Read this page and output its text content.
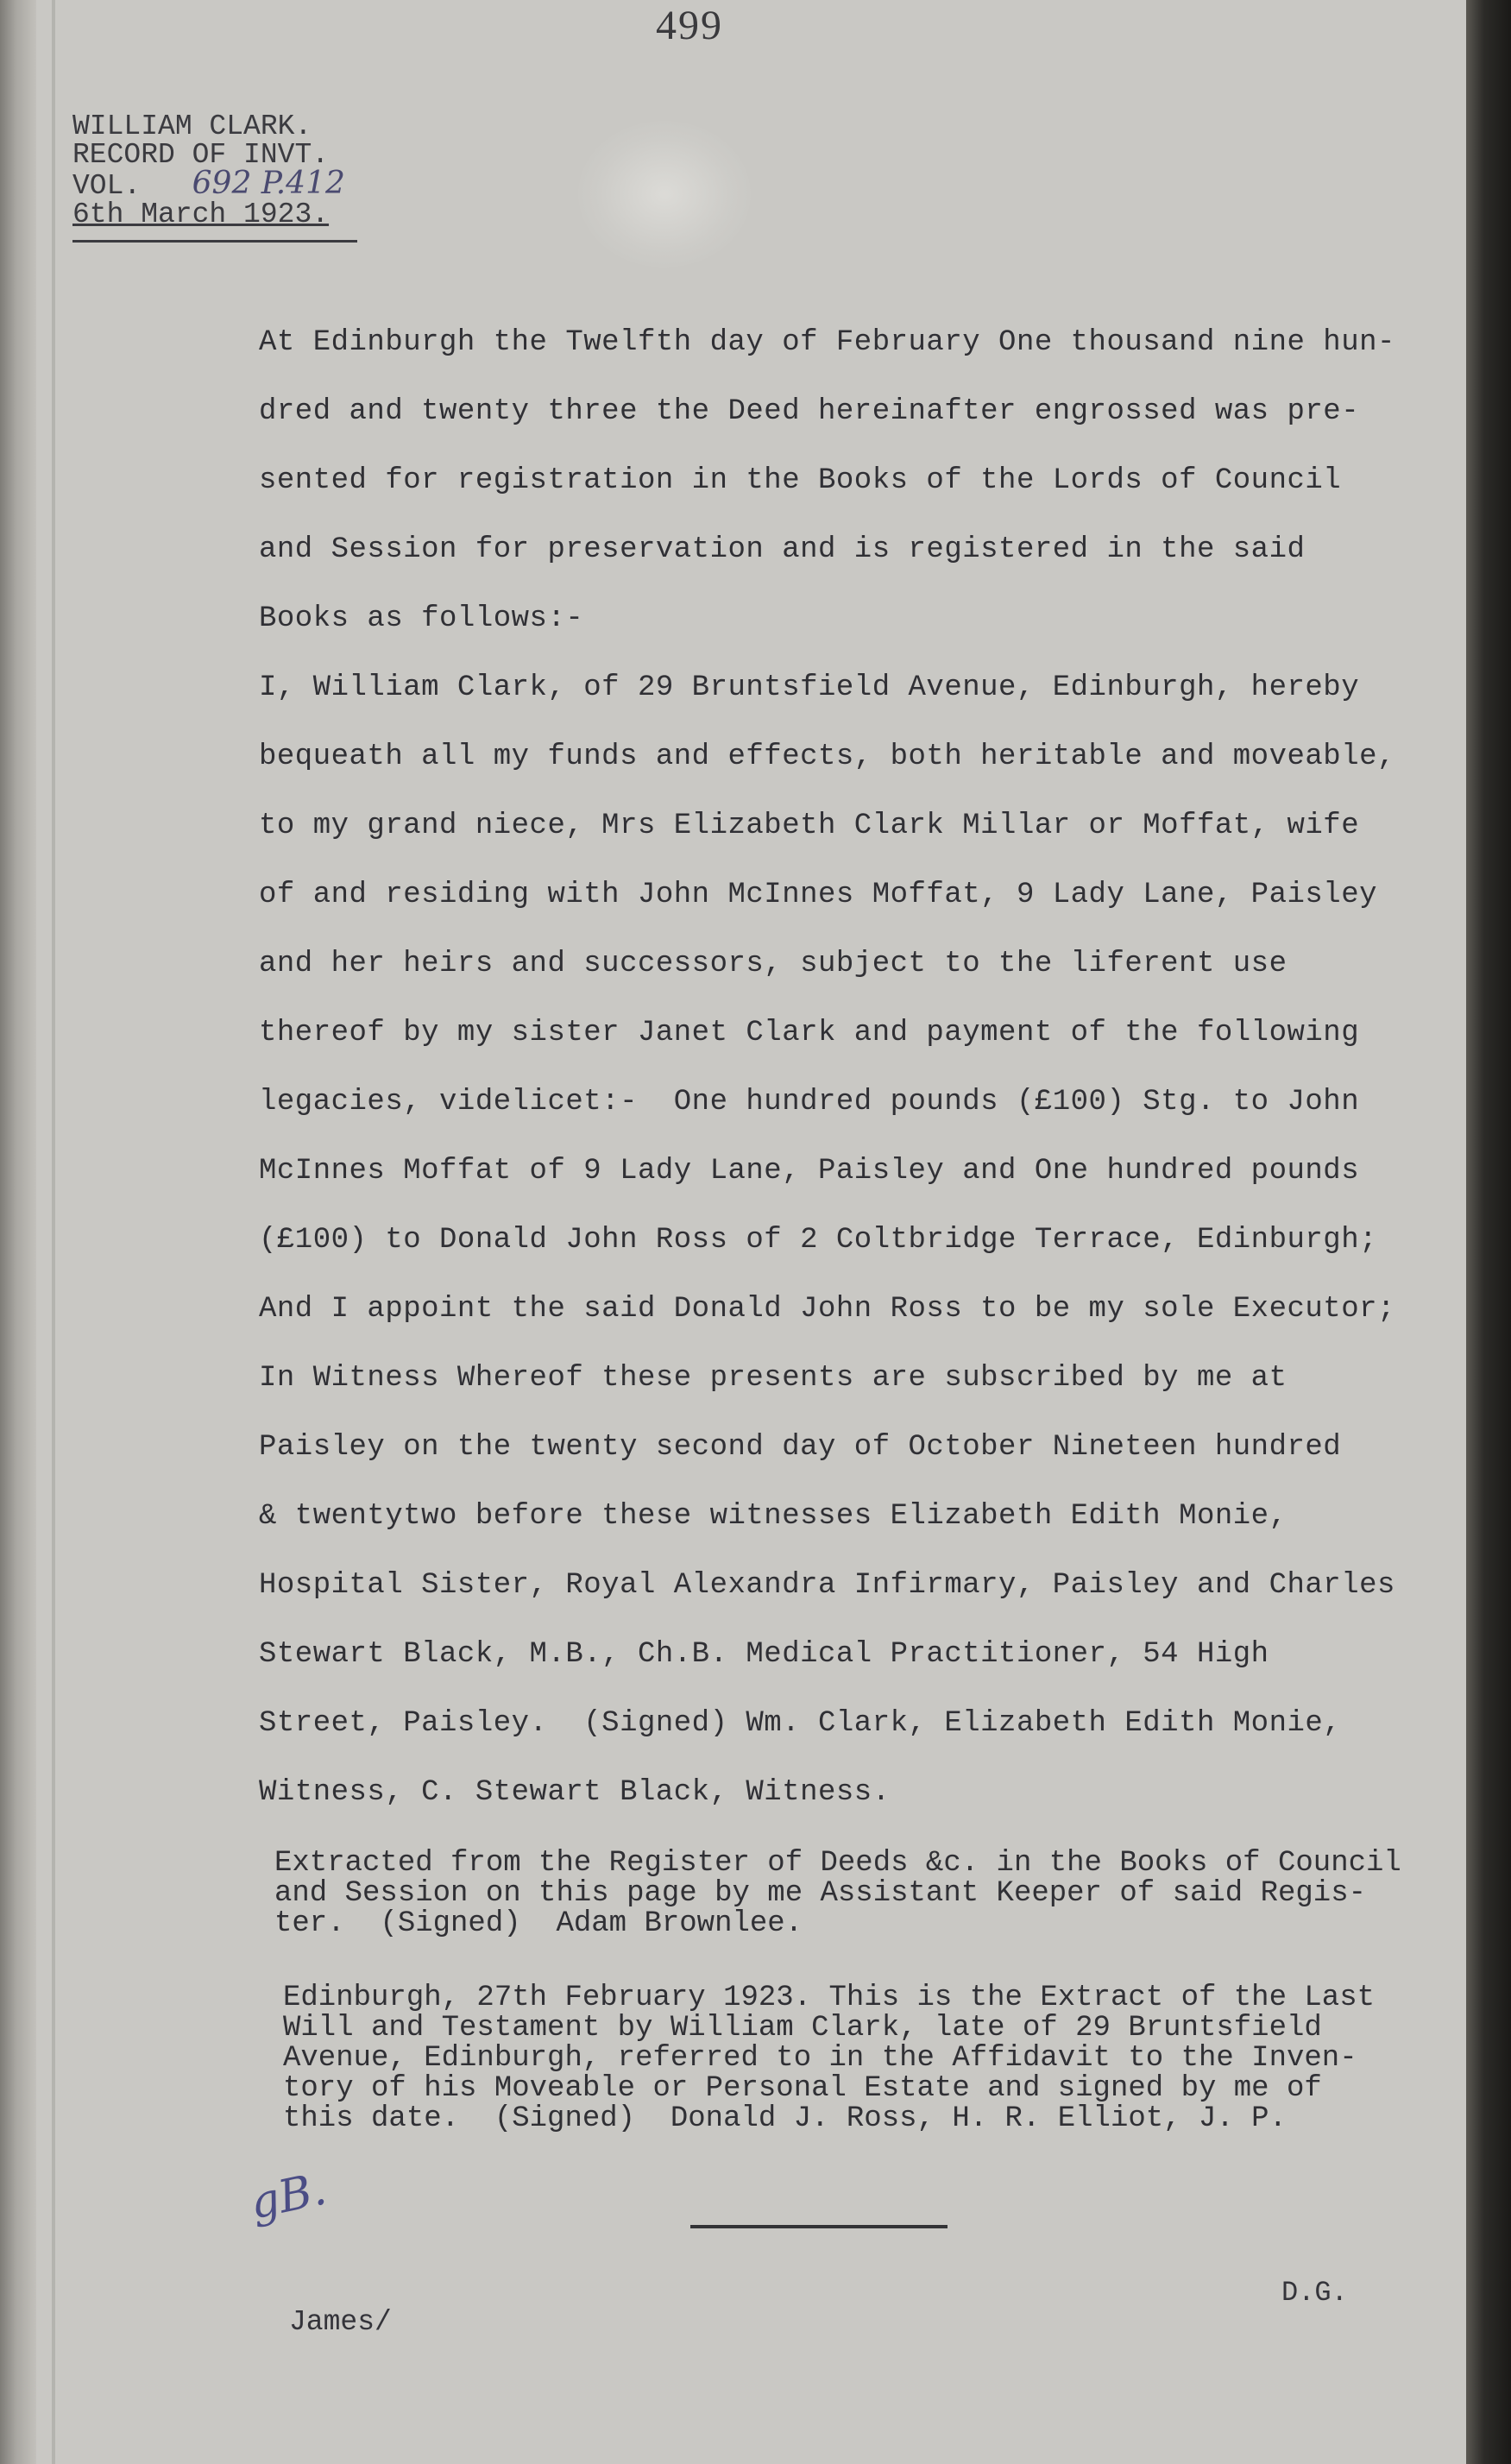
499
WILLIAM CLARK.
RECORD OF INVT.
VOL. 692 P.412
6th March 1923.
At Edinburgh the Twelfth day of February One thousand nine hun-
dred and twenty three the Deed hereinafter engrossed was pre-
sented for registration in the Books of the Lords of Council
and Session for preservation and is registered in the said
Books as follows:-
I, William Clark, of 29 Bruntsfield Avenue, Edinburgh, hereby
bequeath all my funds and effects, both heritable and moveable,
to my grand niece, Mrs Elizabeth Clark Millar or Moffat, wife
of and residing with John McInnes Moffat, 9 Lady Lane, Paisley
and her heirs and successors, subject to the liferent use
thereof by my sister Janet Clark and payment of the following
legacies, videlicet:-  One hundred pounds (£100) Stg. to John
McInnes Moffat of 9 Lady Lane, Paisley and One hundred pounds
(£100) to Donald John Ross of 2 Coltbridge Terrace, Edinburgh;
And I appoint the said Donald John Ross to be my sole Executor;
In Witness Whereof these presents are subscribed by me at
Paisley on the twenty second day of October Nineteen hundred
& twentytwo before these witnesses Elizabeth Edith Monie,
Hospital Sister, Royal Alexandra Infirmary, Paisley and Charles
Stewart Black, M.B., Ch.B. Medical Practitioner, 54 High
Street, Paisley.  (Signed) Wm. Clark, Elizabeth Edith Monie,
Witness, C. Stewart Black, Witness.
Extracted from the Register of Deeds &c. in the Books of Council
and Session on this page by me Assistant Keeper of said Regis-
ter.  (Signed)  Adam Brownlee.
Edinburgh, 27th February 1923. This is the Extract of the Last
Will and Testament by William Clark, late of 29 Bruntsfield
Avenue, Edinburgh, referred to in the Affidavit to the Inven-
tory of his Moveable or Personal Estate and signed by me of
this date.  (Signed)  Donald J. Ross, H. R. Elliot, J. P.
gB.
D.G.
James/
